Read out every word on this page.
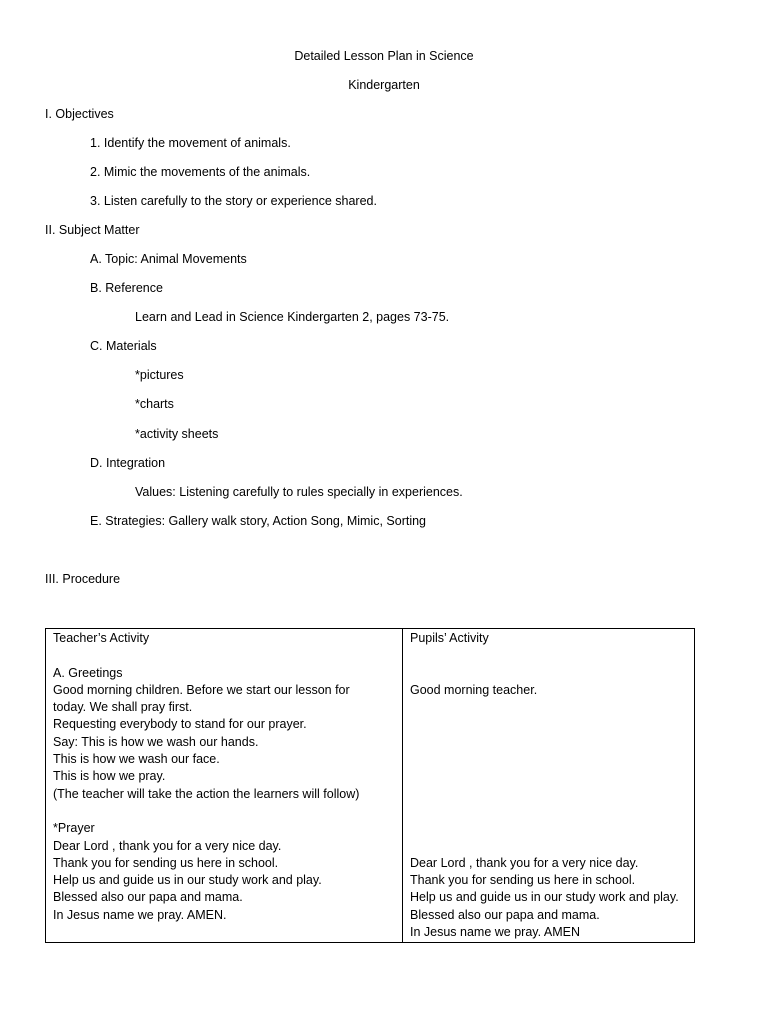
Detailed Lesson Plan in Science
Kindergarten
I. Objectives
1. Identify the movement of animals.
2. Mimic the movements of the animals.
3. Listen carefully to the story or experience shared.
II. Subject Matter
A. Topic: Animal Movements
B. Reference
Learn and Lead in Science Kindergarten 2, pages 73-75.
C. Materials
*pictures
*charts
*activity sheets
D. Integration
Values: Listening carefully to rules specially in experiences.
E. Strategies: Gallery walk story, Action Song, Mimic, Sorting
III. Procedure
Teacher’s Activity
A. Greetings
Good morning children. Before we start our lesson for
today. We shall pray first.
Requesting everybody to stand for our prayer.
Say: This is how we wash our hands.
This is how we wash our face.
This is how we pray.
(The teacher will take the action the learners will follow)
*Prayer
Dear Lord , thank you for a very nice day.
Thank you for sending us here in school.
Help us and guide us in our study work and play.
Blessed also our papa and mama.
In Jesus name we pray. AMEN.
Pupils’ Activity
Good morning teacher.
Dear Lord , thank you for a very nice day.
Thank you for sending us here in school.
Help us and guide us in our study work and play.
Blessed also our papa and mama.
In Jesus name we pray. AMEN
